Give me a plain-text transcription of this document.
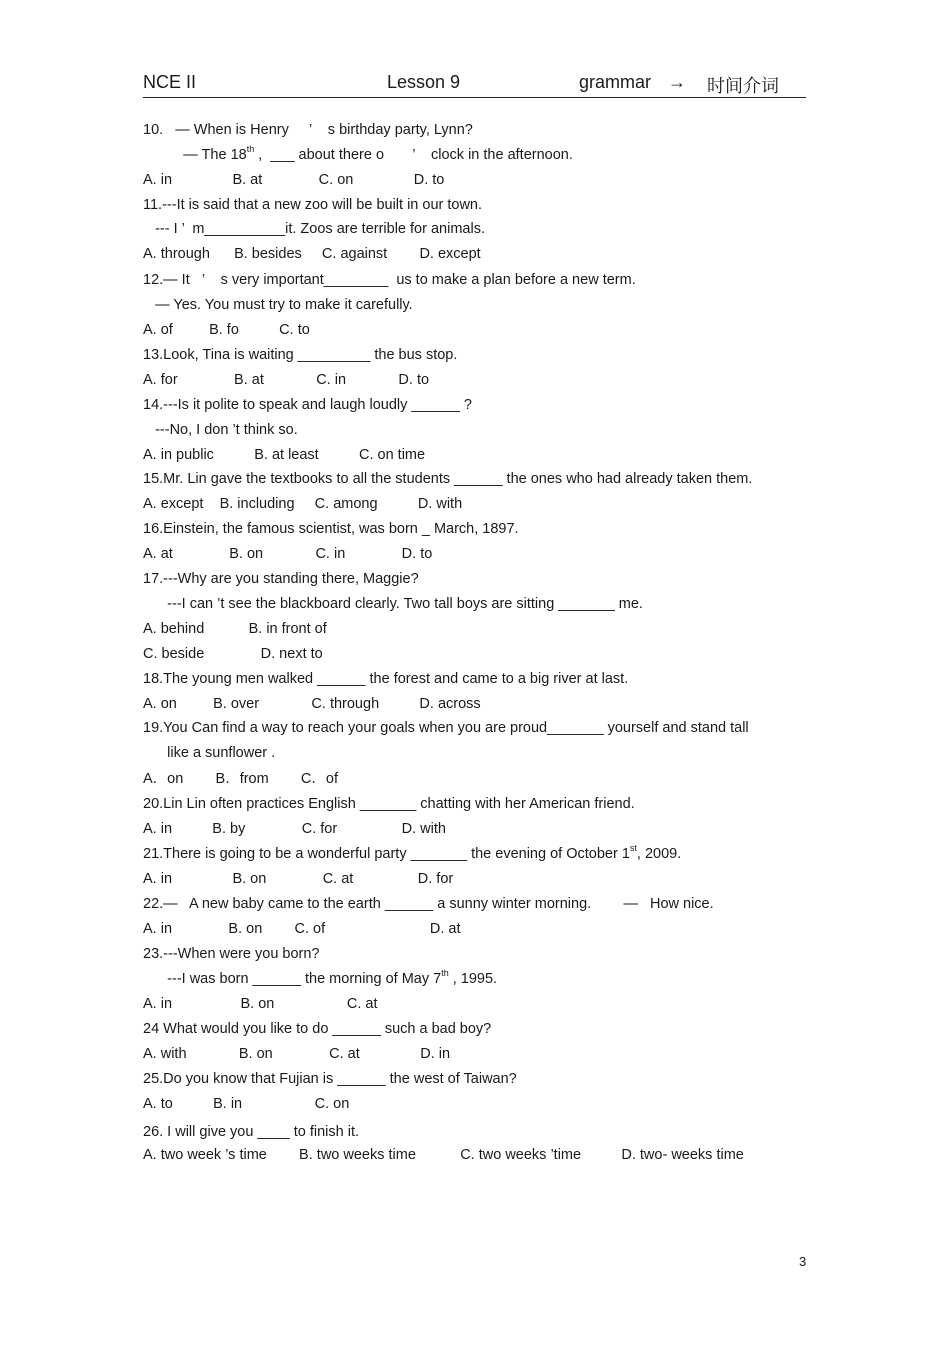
NCE II	Lesson 9	grammar → 时间介词
10.   — When is Henry     ’    s birthday party, Lynn?
— The 18th ,  ___ about there o       ’    clock in the afternoon.
A. in               B. at              C. on               D. to
11.---It is said that a new zoo will be built in our town.
--- I ’  m__________it. Zoos are terrible for animals.
A. through      B. besides     C. against        D. except
12.— It   ’    s very important________  us to make a plan before a new term.
— Yes. You must try to make it carefully.
A. of         B. fo          C. to
13.Look, Tina is waiting _________ the bus stop.
A. for              B. at             C. in             D. to
14.---Is it polite to speak and laugh loudly ______ ?
---No, I don ’t think so.
A. in public          B. at least          C. on time
15.Mr. Lin gave the textbooks to all the students ______ the ones who had already taken them.
A. except    B. including     C. among          D. with
16.Einstein, the famous scientist, was born _ March, 1897.
A. at              B. on             C. in              D. to
17.---Why are you standing there, Maggie?
---I can ’t see the blackboard clearly. Two tall boys are sitting _______ me.
A. behind           B. in front of
C. beside              D. next to
18.The young men walked ______ the forest and came to a big river at last.
A. on         B. over             C. through          D. across
19.You Can find a way to reach your goals when you are proud_______ yourself and stand tall
like a sunflower .
A．on        B．from        C．of
20.Lin Lin often practices English _______ chatting with her American friend.
A. in          B. by              C. for                D. with
21.There is going to be a wonderful party _______ the evening of October 1st, 2009.
A. in               B. on              C. at                D. for
22.—   A new baby came to the earth ______ a sunny winter morning.        —   How nice.
A. in              B. on        C. of                          D. at
23.---When were you born?
---I was born ______ the morning of May 7th , 1995.
A. in                 B. on                  C. at
24 What would you like to do ______ such a bad boy?
A. with             B. on              C. at               D. in
25.Do you know that Fujian is ______ the west of Taiwan?
A. to          B. in                  C. on
26. I will give you ____ to finish it.
A. two week ’s time        B. two weeks time           C. two weeks ’time          D. two- weeks time
3
